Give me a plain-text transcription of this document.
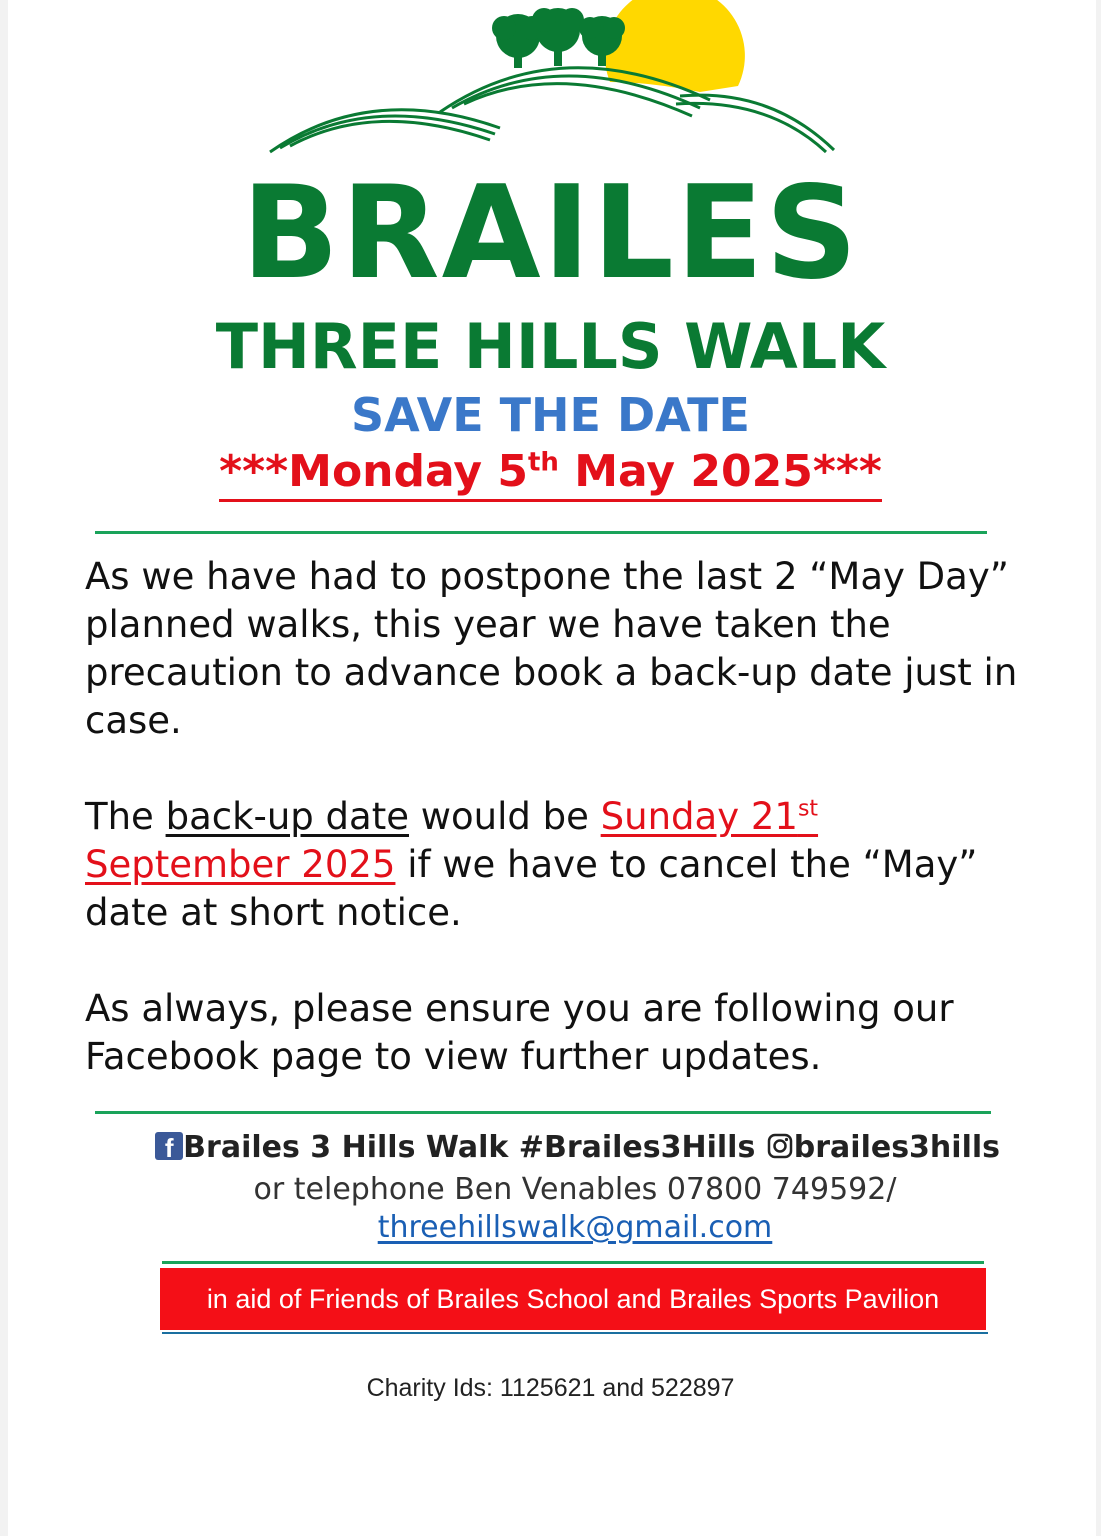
BRAILES
THREE HILLS WALK
SAVE THE DATE
***Monday 5th May 2025***

As we have had to postpone the last 2 “May Day” planned walks, this year we have taken the precaution to advance book a back-up date just in case.

The back-up date would be Sunday 21st September 2025 if we have to cancel the “May” date at short notice.

As always, please ensure you are following our Facebook page to view further updates.

f Brailes 3 Hills Walk #Brailes3Hills brailes3hills
or telephone Ben Venables 07800 749592/
threehillswalk@gmail.com
in aid of Friends of Brailes School and Brailes Sports Pavilion
Charity Ids: 1125621 and 522897
